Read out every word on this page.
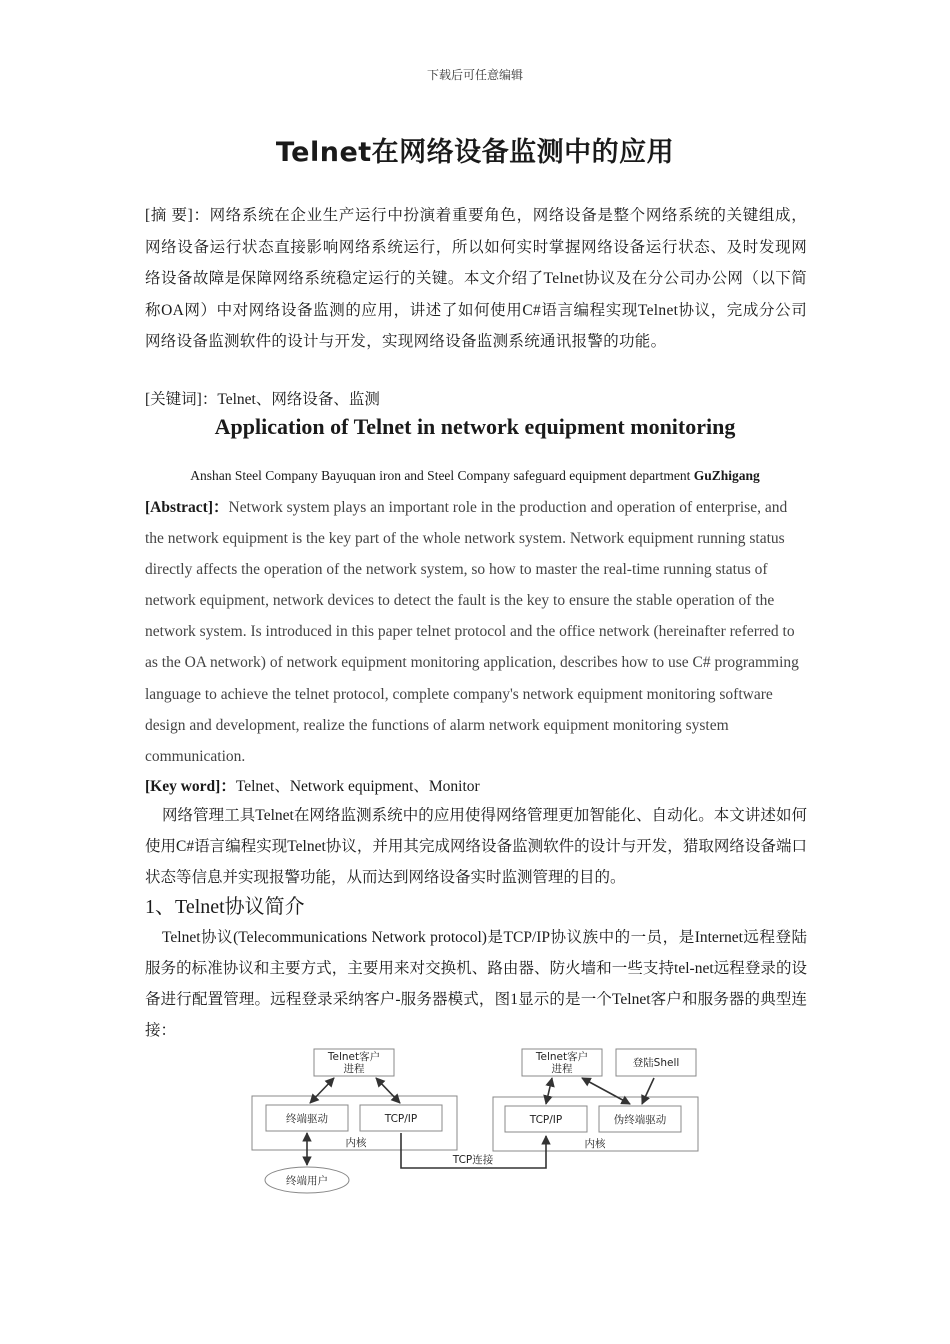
下载后可任意编辑
Telnet在网络设备监测中的应用
[摘 要]：网络系统在企业生产运行中扮演着重要角色，网络设备是整个网络系统的关键组成，网络设备运行状态直接影响网络系统运行，所以如何实时掌握网络设备运行状态、及时发现网络设备故障是保障网络系统稳定运行的关键。本文介绍了Telnet协议及在分公司办公网（以下简称OA网）中对网络设备监测的应用，讲述了如何使用C#语言编程实现Telnet协议，完成分公司网络设备监测软件的设计与开发，实现网络设备监测系统通讯报警的功能。
[关键词]：Telnet、网络设备、监测
Application of Telnet in network equipment monitoring
Anshan Steel Company Bayuquan iron and Steel Company safeguard equipment department GuZhigang
[Abstract]：Network system plays an important role in the production and operation of enterprise, and the network equipment is the key part of the whole network system. Network equipment running status directly affects the operation of the network system, so how to master the real-time running status of network equipment, network devices to detect the fault is the key to ensure the stable operation of the network system. Is introduced in this paper telnet protocol and the office network (hereinafter referred to as the OA network) of network equipment monitoring application, describes how to use C# programming language to achieve the telnet protocol, complete company's network equipment monitoring software design and development, realize the functions of alarm network equipment monitoring system communication.
[Key word]：Telnet、Network equipment、Monitor
网络管理工具Telnet在网络监测系统中的应用使得网络管理更加智能化、自动化。本文讲述如何使用C#语言编程实现Telnet协议，并用其完成网络设备监测软件的设计与开发，猎取网络设备端口状态等信息并实现报警功能，从而达到网络设备实时监测管理的目的。
1、Telnet协议简介
Telnet协议(Telecommunications Network protocol)是TCP/IP协议族中的一员，是Internet远程登陆服务的标准协议和主要方式，主要用来对交换机、路由器、防火墙和一些支持tel-net远程登录的设备进行配置管理。远程登录采纳客户-服务器模式，图1显示的是一个Telnet客户和服务器的典型连接：
Telnet客户
进程
Telnet客户
进程	登陆Shell
终端驱动	TCP/IP	TCP/IP	伪终端驱动
内核	内核
TCP连接
终端用户
